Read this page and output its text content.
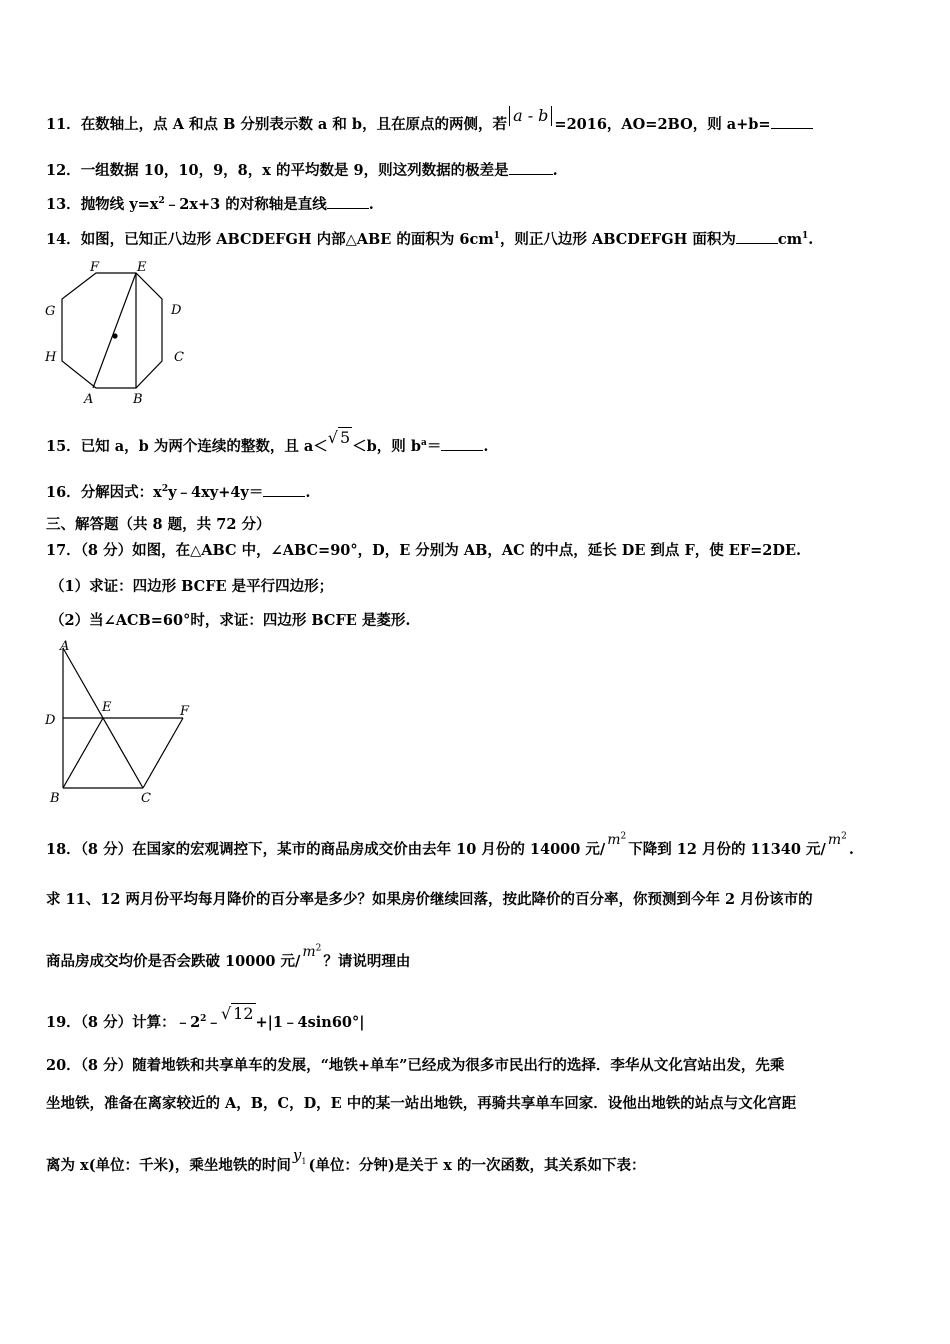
11．在数轴上，点 A 和点 B 分别表示数 a 和 b，且在原点的两侧，若 a - b =2016，AO=2BO，则 a+b=
12．一组数据 10，10，9，8，x 的平均数是 9，则这列数据的极差是	.
13．抛物线 $y=x^2﹣2x+3$ 的对称轴是直线	.
14．如图，已知正八边形 ABCDEFGH 内部△ABE 的面积为 $6cm^1$，则正八边形 ABCDEFGH 面积为	$cm^1$.
F	E
G	D
H	C
A	B
15．已知 a，b 为两个连续的整数，且 a＜√ 5 ＜b，则 $b^a=$	.
16．分解因式：$x^2y﹣4xy+4y=$	.
三、解答题（共 8 题，共 72 分）
17．（8 分）如图，在△ABC 中，∠ABC=90°，D，E 分别为 AB，AC 的中点，延长 DE 到点 F，使 EF=2DE.
（1）求证：四边形 BCFE 是平行四边形；
（2）当∠ACB=60°时，求证：四边形 BCFE 是菱形.
A
D
E	F
B	C
18．（8 分）在国家的宏观调控下，某市的商品房成交价由去年 10 月份的 14000 元$/m^2$下降到 12 月份的 11340 元$/m^2$.
求 11、12 两月份平均每月降价的百分率是多少？如果房价继续回落，按此降价的百分率，你预测到今年 2 月份该市的
商品房成交均价是否会跌破 10000 元$/m^2$？请说明理由
19．（8 分）计算：$﹣2^2﹣√$ 12 +|1﹣4sin60°|
20．（8 分）随着地铁和共享单车的发展，“地铁+单车”已经成为很多市民出行的选择．李华从文化宫站出发，先乘
坐地铁，准备在离家较近的 A，B，C，D，E 中的某一站出地铁，再骑共享单车回家．设他出地铁的站点与文化宫距
离为 x(单位：千米)，乘坐地铁的时间$y_1$ (单位：分钟)是关于 x 的一次函数，其关系如下表：
